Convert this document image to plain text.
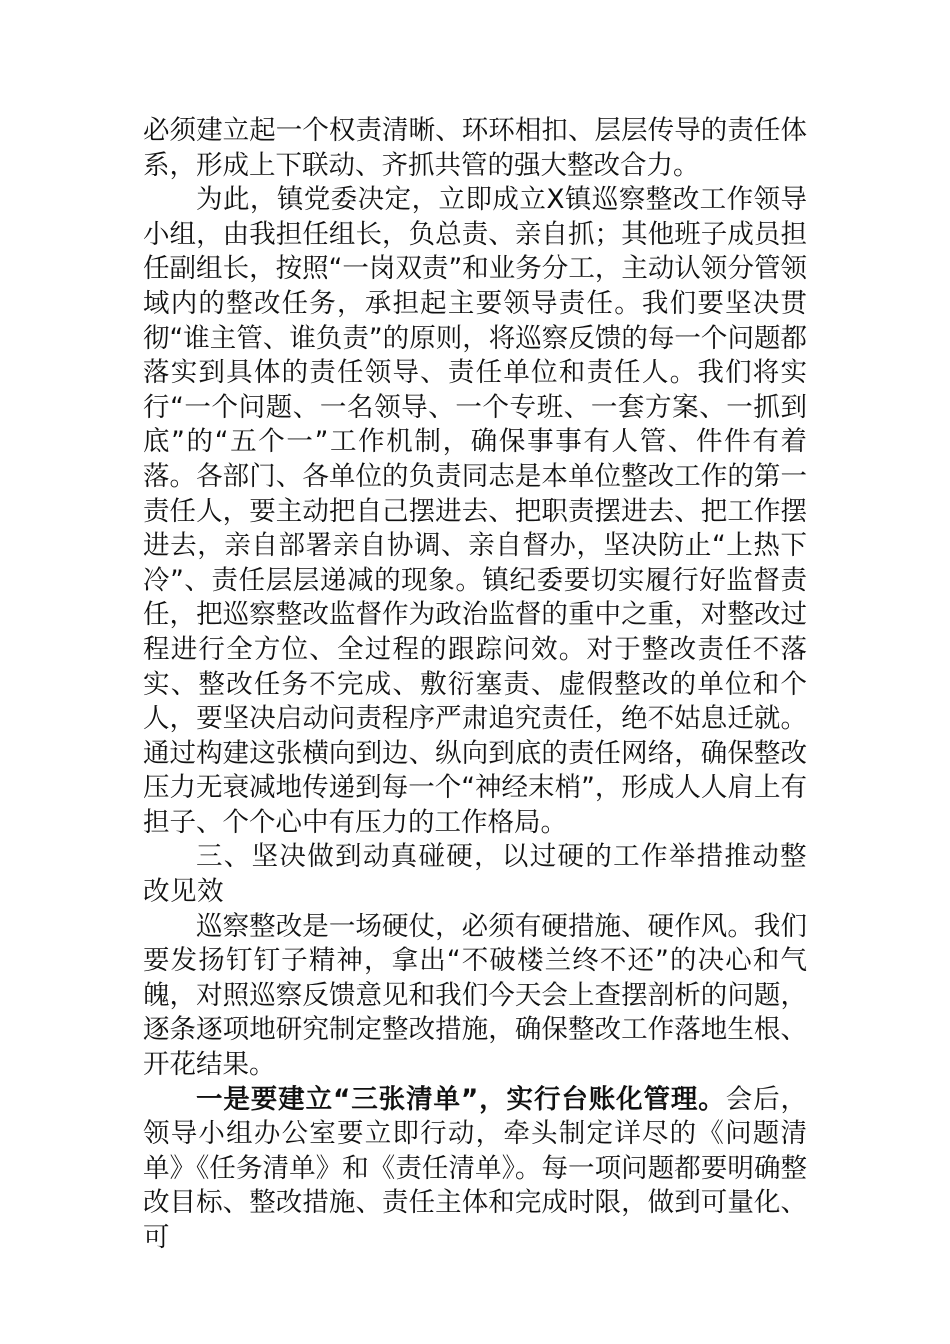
必须建立起一个权责清晰、环环相扣、层层传导的责任体系，形成上下联动、齐抓共管的强大整改合力。

为此，镇党委决定，立即成立X镇巡察整改工作领导小组，由我担任组长，负总责、亲自抓；其他班子成员担任副组长，按照“一岗双责”和业务分工，主动认领分管领域内的整改任务，承担起主要领导责任。我们要坚决贯彻“谁主管、谁负责”的原则，将巡察反馈的每一个问题都落实到具体的责任领导、责任单位和责任人。我们将实行“一个问题、一名领导、一个专班、一套方案、一抓到底”的“五个一”工作机制，确保事事有人管、件件有着落。各部门、各单位的负责同志是本单位整改工作的第一责任人，要主动把自己摆进去、把职责摆进去、把工作摆进去，亲自部署亲自协调、亲自督办，坚决防止“上热下冷”、责任层层递减的现象。镇纪委要切实履行好监督责任，把巡察整改监督作为政治监督的重中之重，对整改过程进行全方位、全过程的跟踪问效。对于整改责任不落实、整改任务不完成、敷衍塞责、虚假整改的单位和个人，要坚决启动问责程序严肃追究责任，绝不姑息迁就。通过构建这张横向到边、纵向到底的责任网络，确保整改压力无衰减地传递到每一个“神经末梢”，形成人人肩上有担子、个个心中有压力的工作格局。

三、坚决做到动真碰硬，以过硬的工作举措推动整改见效

巡察整改是一场硬仗，必须有硬措施、硬作风。我们要发扬钉钉子精神，拿出“不破楼兰终不还”的决心和气魄，对照巡察反馈意见和我们今天会上查摆剖析的问题，逐条逐项地研究制定整改措施，确保整改工作落地生根、开花结果。

一是要建立“三张清单”，实行台账化管理。会后，领导小组办公室要立即行动，牵头制定详尽的《问题清单》《任务清单》和《责任清单》。每一项问题都要明确整改目标、整改措施、责任主体和完成时限，做到可量化、可
